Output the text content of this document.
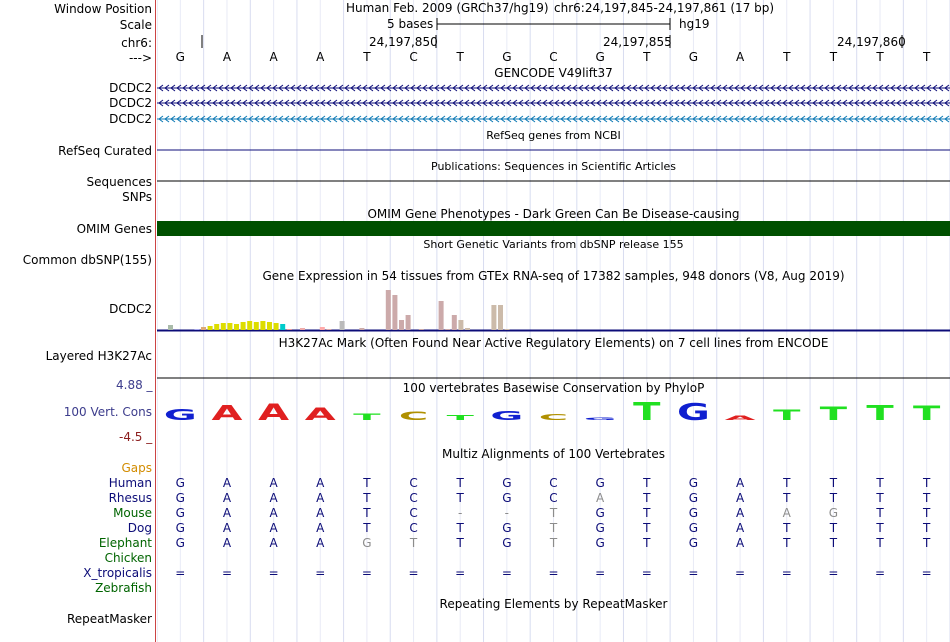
Window Position	Human Feb. 2009 (GRCh37/hg19) chr6:24,197,845-24,197,861 (17 bp)
Scale	5 bases	hg19
chr6:	24,197,850	24,197,855	24,197,860
--->	G	A	A	A	T	C	T	G	C	G	T	G	A	T	T	T	T
GENCODE V49lift37
DCDC2
DCDC2
DCDC2
RefSeq genes from NCBI
RefSeq Curated
Publications: Sequences in Scientific Articles
Sequences
SNPs
OMIM Gene Phenotypes - Dark Green Can Be Disease-causing
OMIM Genes
Short Genetic Variants from dbSNP release 155
Common dbSNP(155)
Gene Expression in 54 tissues from GTEx RNA-seq of 17382 samples, 948 donors (V8, Aug 2019)
DCDC2
H3K27Ac Mark (Often Found Near Active Regulatory Elements) on 7 cell lines from ENCODE
Layered H3K27Ac
100 vertebrates Basewise Conservation by PhyloP
4.88 _
100 Vert. Cons
-4.5 _
Multiz Alignments of 100 Vertebrates
Gaps
Human	G	A	A	A	T	C	T	G	C	G	T	G	A	T	T	T	T
Rhesus	G	A	A	A	T	C	T	G	C	A	T	G	A	T	T	T	T
Mouse	G	A	A	A	T	C	-	-	T	G	T	G	A	A	G	T	T
Dog	G	A	A	A	T	C	T	G	T	G	T	G	A	T	T	T	T
Elephant	G	A	A	A	G	T	T	G	T	G	T	G	A	T	T	T	T
Chicken
X_tropicalis	=	=	=	=	=	=	=	=	=	=	=	=	=	=	=	=	=
Zebrafish
Repeating Elements by RepeatMasker
RepeatMasker
G A A A T C T G C G T G A T T T T
